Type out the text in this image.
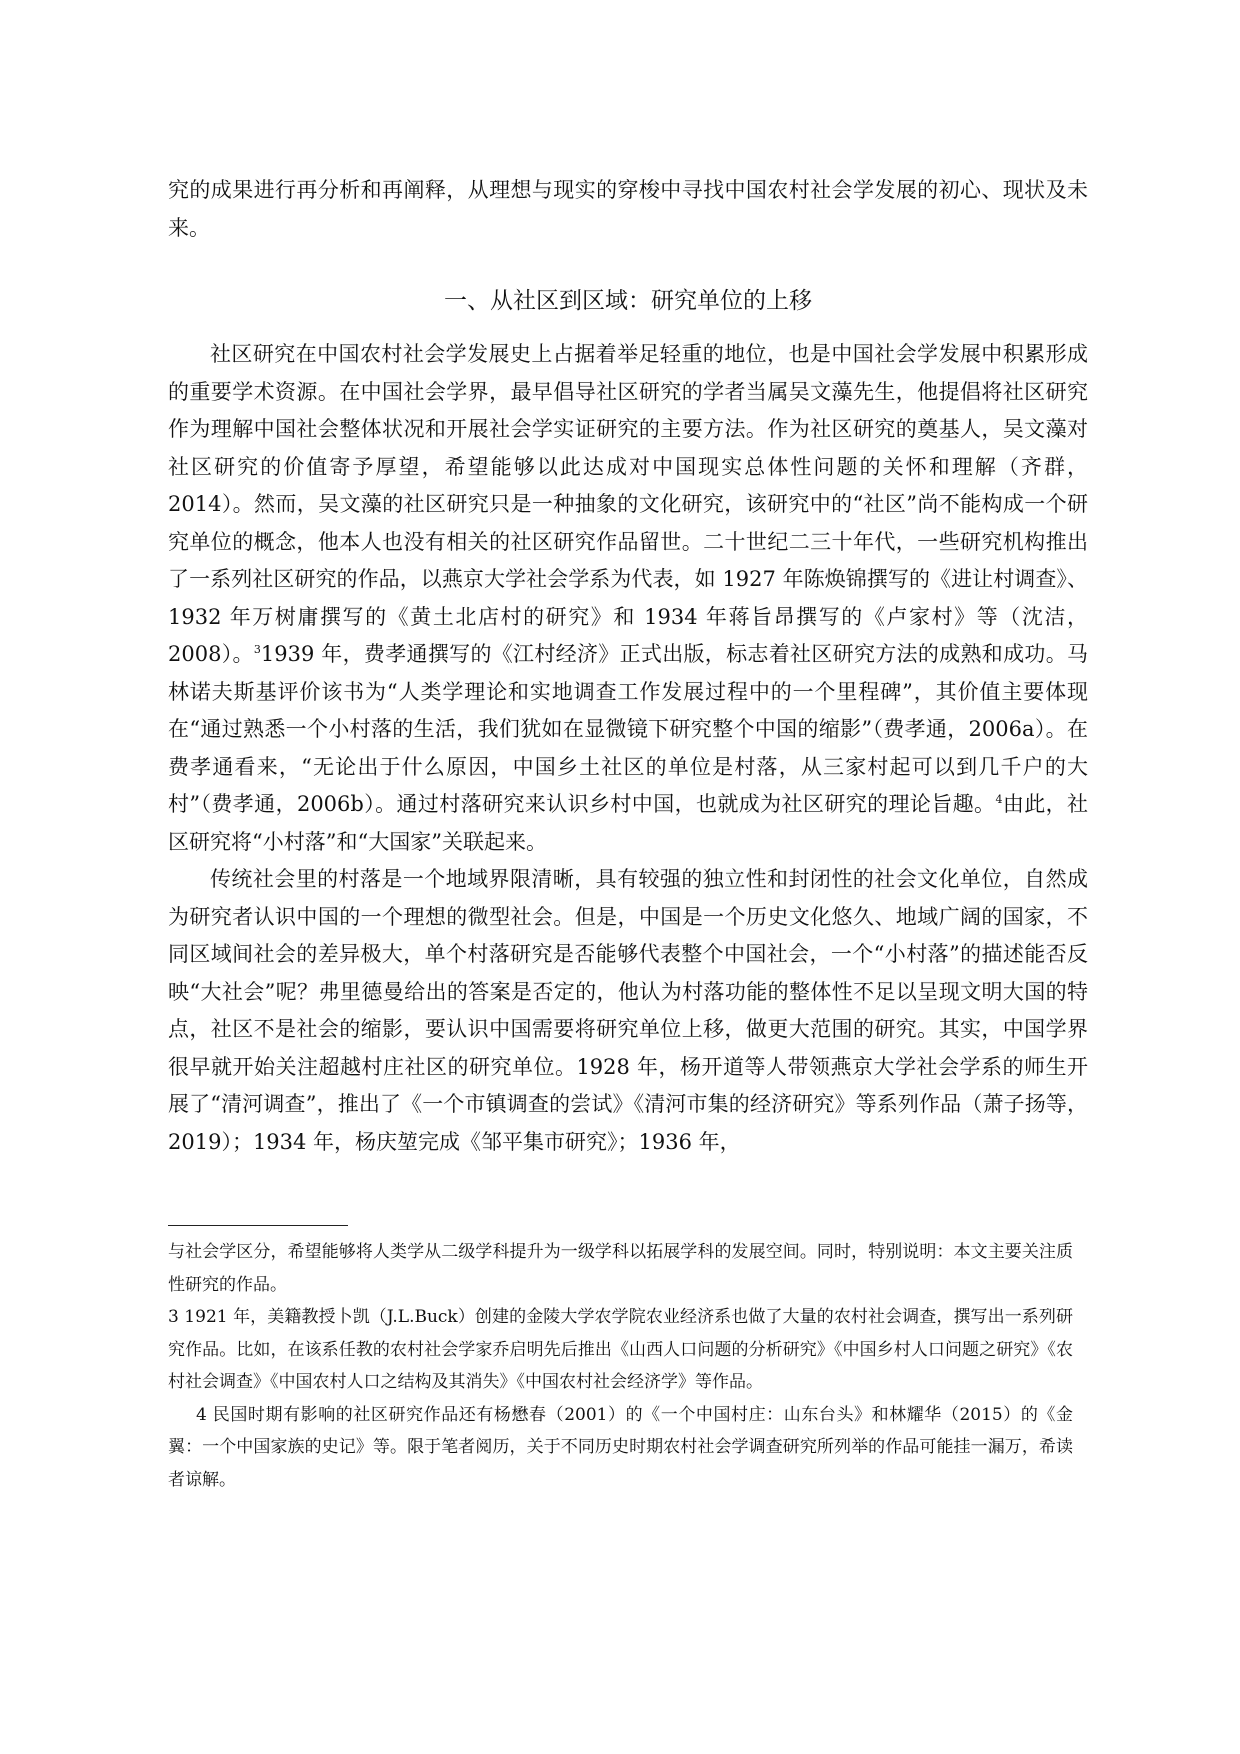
究的成果进行再分析和再阐释，从理想与现实的穿梭中寻找中国农村社会学发展的初心、现状及未来。

一、从社区到区域：研究单位的上移

社区研究在中国农村社会学发展史上占据着举足轻重的地位，也是中国社会学发展中积累形成的重要学术资源。在中国社会学界，最早倡导社区研究的学者当属吴文藻先生，他提倡将社区研究作为理解中国社会整体状况和开展社会学实证研究的主要方法。作为社区研究的奠基人，吴文藻对社区研究的价值寄予厚望，希望能够以此达成对中国现实总体性问题的关怀和理解（齐群，2014）。然而，吴文藻的社区研究只是一种抽象的文化研究，该研究中的“社区”尚不能构成一个研究单位的概念，他本人也没有相关的社区研究作品留世。二十世纪二三十年代，一些研究机构推出了一系列社区研究的作品，以燕京大学社会学系为代表，如 1927 年陈焕锦撰写的《进让村调查》、1932 年万树庸撰写的《黄土北店村的研究》和 1934 年蒋旨昂撰写的《卢家村》等（沈洁，2008）。$^3$1939 年，费孝通撰写的《江村经济》正式出版，标志着社区研究方法的成熟和成功。马林诺夫斯基评价该书为“人类学理论和实地调查工作发展过程中的一个里程碑”，其价值主要体现在“通过熟悉一个小村落的生活，我们犹如在显微镜下研究整个中国的缩影”（费孝通，2006a）。在费孝通看来，“无论出于什么原因，中国乡土社区的单位是村落，从三家村起可以到几千户的大村”（费孝通，2006b）。通过村落研究来认识乡村中国，也就成为社区研究的理论旨趣。$^4$由此，社区研究将“小村落”和“大国家”关联起来。

传统社会里的村落是一个地域界限清晰，具有较强的独立性和封闭性的社会文化单位，自然成为研究者认识中国的一个理想的微型社会。但是，中国是一个历史文化悠久、地域广阔的国家，不同区域间社会的差异极大，单个村落研究是否能够代表整个中国社会，一个“小村落”的描述能否反映“大社会”呢？弗里德曼给出的答案是否定的，他认为村落功能的整体性不足以呈现文明大国的特点，社区不是社会的缩影，要认识中国需要将研究单位上移，做更大范围的研究。其实，中国学界很早就开始关注超越村庄社区的研究单位。1928 年，杨开道等人带领燕京大学社会学系的师生开展了“清河调查”，推出了《一个市镇调查的尝试》《清河市集的经济研究》等系列作品（萧子扬等，2019）；1934 年，杨庆堃完成《邹平集市研究》；1936 年，

与社会学区分，希望能够将人类学从二级学科提升为一级学科以拓展学科的发展空间。同时，特别说明：本文主要关注质性研究的作品。

3 1921 年，美籍教授卜凯（J.L.Buck）创建的金陵大学农学院农业经济系也做了大量的农村社会调查，撰写出一系列研究作品。比如，在该系任教的农村社会学家乔启明先后推出《山西人口问题的分析研究》《中国乡村人口问题之研究》《农村社会调查》《中国农村人口之结构及其消失》《中国农村社会经济学》等作品。

4 民国时期有影响的社区研究作品还有杨懋春（2001）的《一个中国村庄：山东台头》和林耀华（2015）的《金翼：一个中国家族的史记》等。限于笔者阅历，关于不同历史时期农村社会学调查研究所列举的作品可能挂一漏万，希读者谅解。
